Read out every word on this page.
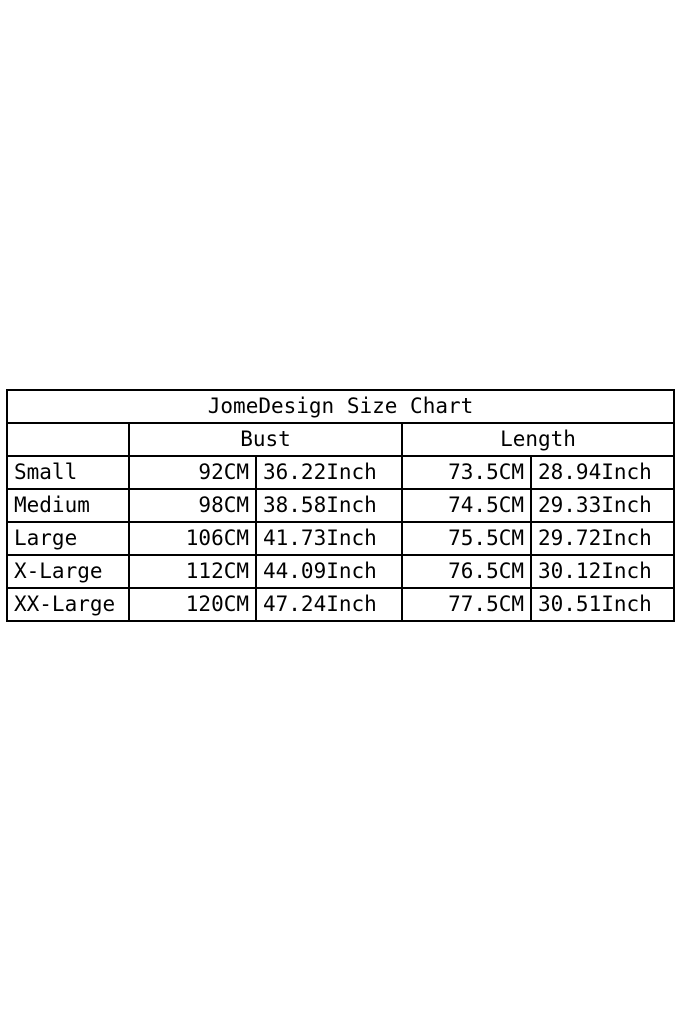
JomeDesign Size Chart				
	Bust		Length	
Small	92CM	36.22Inch	73.5CM	28.94Inch
Medium	98CM	38.58Inch	74.5CM	29.33Inch
Large	106CM	41.73Inch	75.5CM	29.72Inch
X-Large	112CM	44.09Inch	76.5CM	30.12Inch
XX-Large	120CM	47.24Inch	77.5CM	30.51Inch
